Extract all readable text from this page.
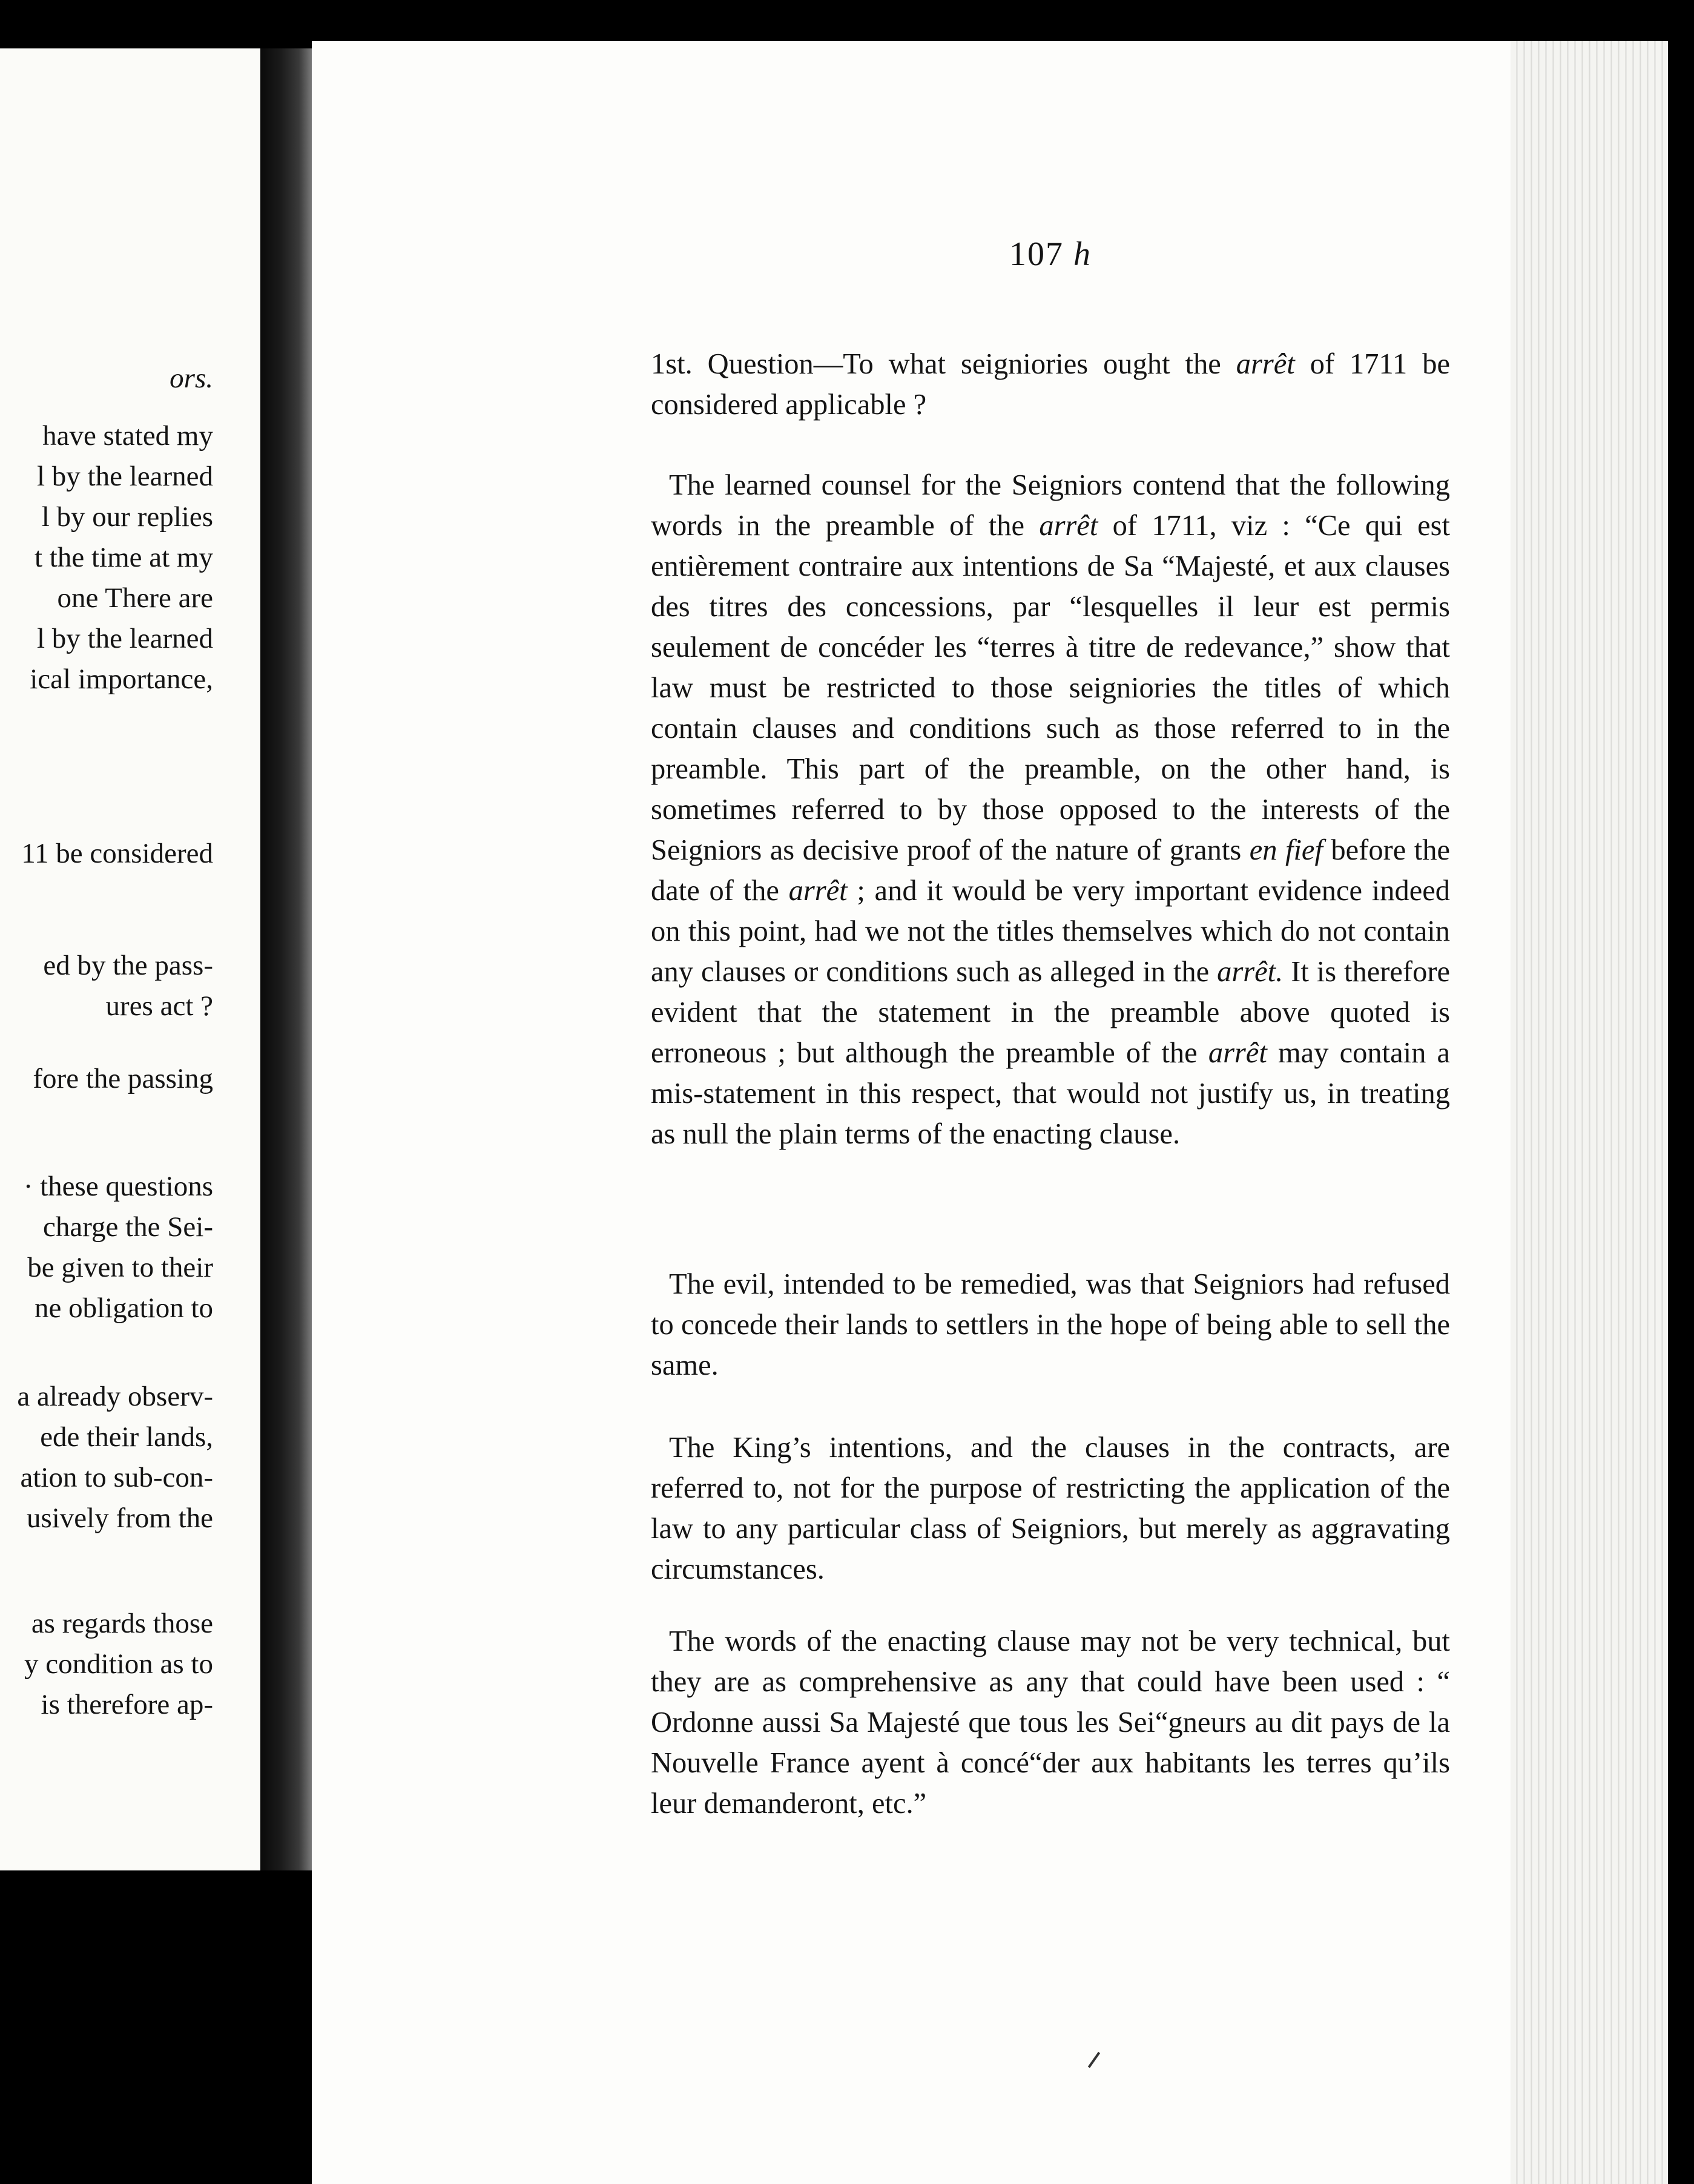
ors.
have stated my
l by the learned
l by our replies
t the time at my
one There are
l by the learned
ical importance,
11 be considered
ed by the pass-
ures act ?
fore the passing
· these questions
charge the Sei-
be given to their
ne obligation to
a already observ-
ede their lands,
ation to sub-con-
usively from the
as regards those
y condition as to
is therefore ap-
107 h

1st. Question—To what seigniories ought the arrêt of 1711 be considered applicable ?

The learned counsel for the Seigniors contend that the following words in the preamble of the arrêt of 1711, viz : “Ce qui est entièrement contraire aux intentions de Sa “Majesté, et aux clauses des titres des concessions, par “lesquelles il leur est permis seulement de concéder les “terres à titre de redevance,” show that law must be restricted to those seigniories the titles of which contain clauses and conditions such as those referred to in the preamble. This part of the preamble, on the other hand, is sometimes referred to by those opposed to the interests of the Seigniors as decisive proof of the nature of grants en fief before the date of the arrêt ; and it would be very important evidence indeed on this point, had we not the titles themselves which do not contain any clauses or conditions such as alleged in the arrêt. It is therefore evident that the statement in the preamble above quoted is erroneous ; but although the preamble of the arrêt may contain a mis-statement in this respect, that would not justify us, in treating as null the plain terms of the enacting clause.

The evil, intended to be remedied, was that Seigniors had refused to concede their lands to settlers in the hope of being able to sell the same.

The King’s intentions, and the clauses in the contracts, are referred to, not for the purpose of restricting the application of the law to any particular class of Seigniors, but merely as aggravating circumstances.

The words of the enacting clause may not be very technical, but they are as comprehensive as any that could have been used : “ Ordonne aussi Sa Majesté que tous les Sei“gneurs au dit pays de la Nouvelle France ayent à concé“der aux habitants les terres qu’ils leur demanderont, etc.”
